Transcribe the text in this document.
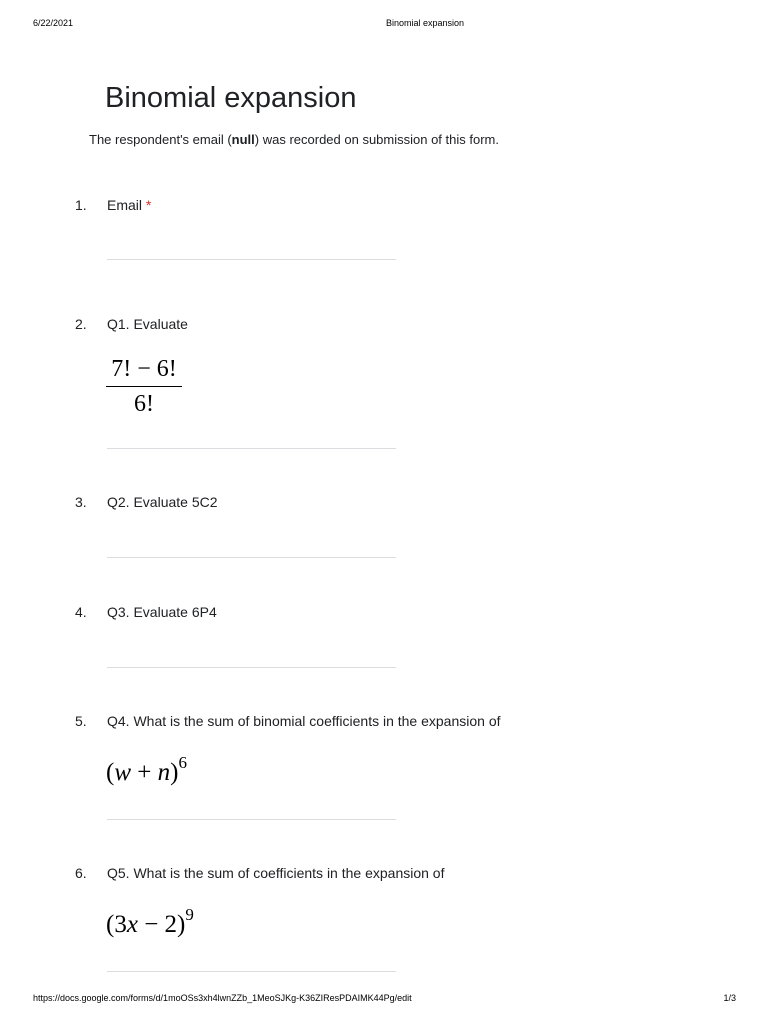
6/22/2021	Binomial expansion
Binomial expansion
The respondent's email (null) was recorded on submission of this form.
1. Email *
2. Q1. Evaluate
$\frac{7! - 6!}{6!}$
3. Q2. Evaluate 5C2
4. Q3. Evaluate 6P4
5. Q4. What is the sum of binomial coefficients in the expansion of
$(w + n)^6$
6. Q5. What is the sum of coefficients in the expansion of
$(3x - 2)^9$
https://docs.google.com/forms/d/1moOSs3xh4lwnZZb_1MeoSJKg-K36ZIResPDAIMK44Pg/edit	1/3
